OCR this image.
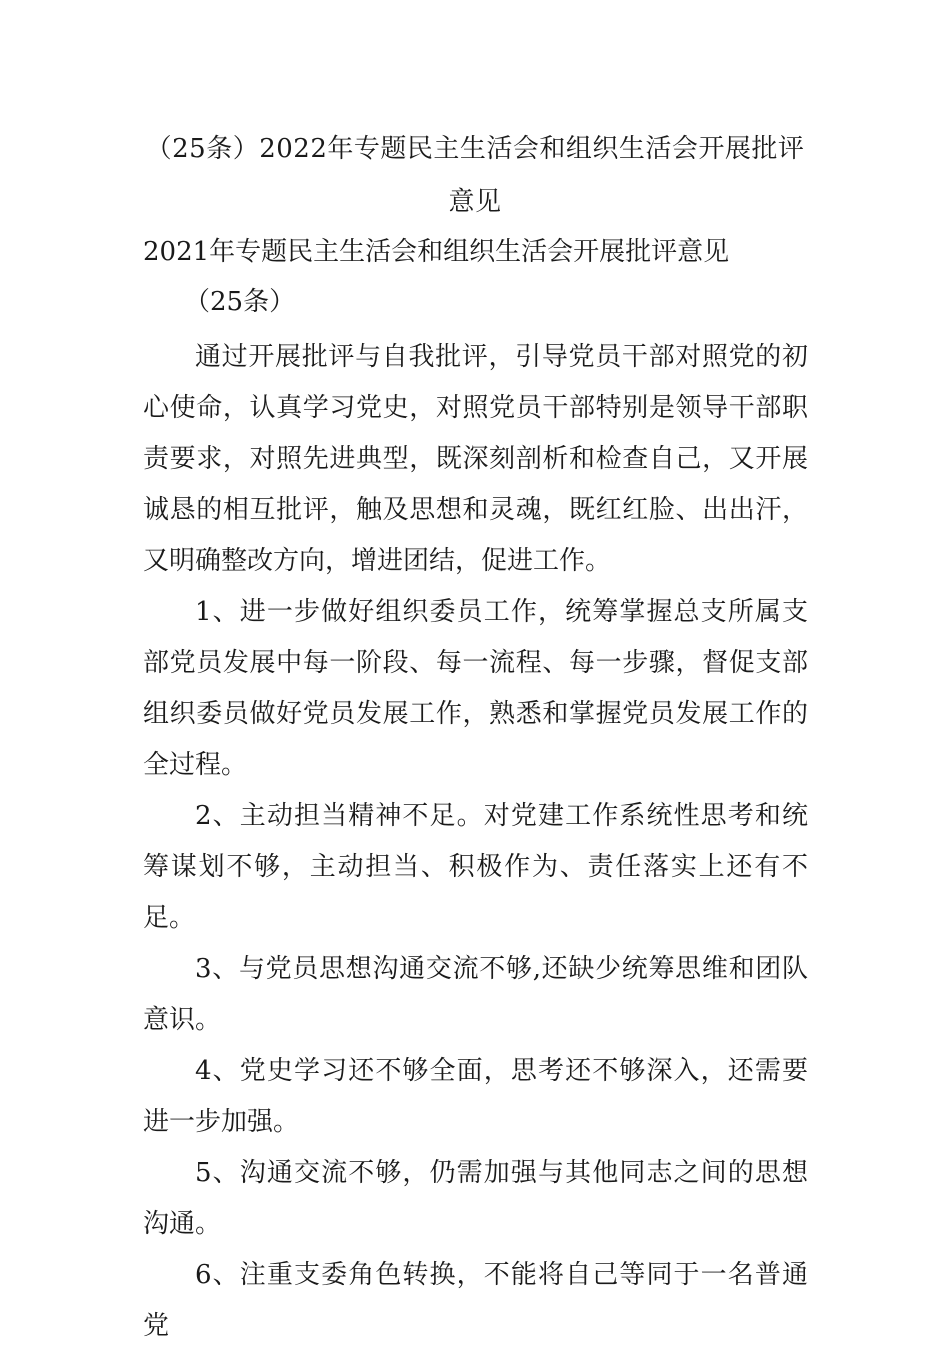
（25条）2022年专题民主生活会和组织生活会开展批评
意见
2021年专题民主生活会和组织生活会开展批评意见
（25条）

通过开展批评与自我批评，引导党员干部对照党的初心使命，认真学习党史，对照党员干部特别是领导干部职责要求，对照先进典型，既深刻剖析和检查自己，又开展诚恳的相互批评，触及思想和灵魂，既红红脸、出出汗，又明确整改方向，增进团结，促进工作。

1、进一步做好组织委员工作，统筹掌握总支所属支部党员发展中每一阶段、每一流程、每一步骤，督促支部组织委员做好党员发展工作，熟悉和掌握党员发展工作的全过程。

2、主动担当精神不足。对党建工作系统性思考和统筹谋划不够，主动担当、积极作为、责任落实上还有不足。

3、与党员思想沟通交流不够,还缺少统筹思维和团队意识。

4、党史学习还不够全面，思考还不够深入，还需要进一步加强。

5、沟通交流不够，仍需加强与其他同志之间的思想沟通。

6、注重支委角色转换，不能将自己等同于一名普通党
